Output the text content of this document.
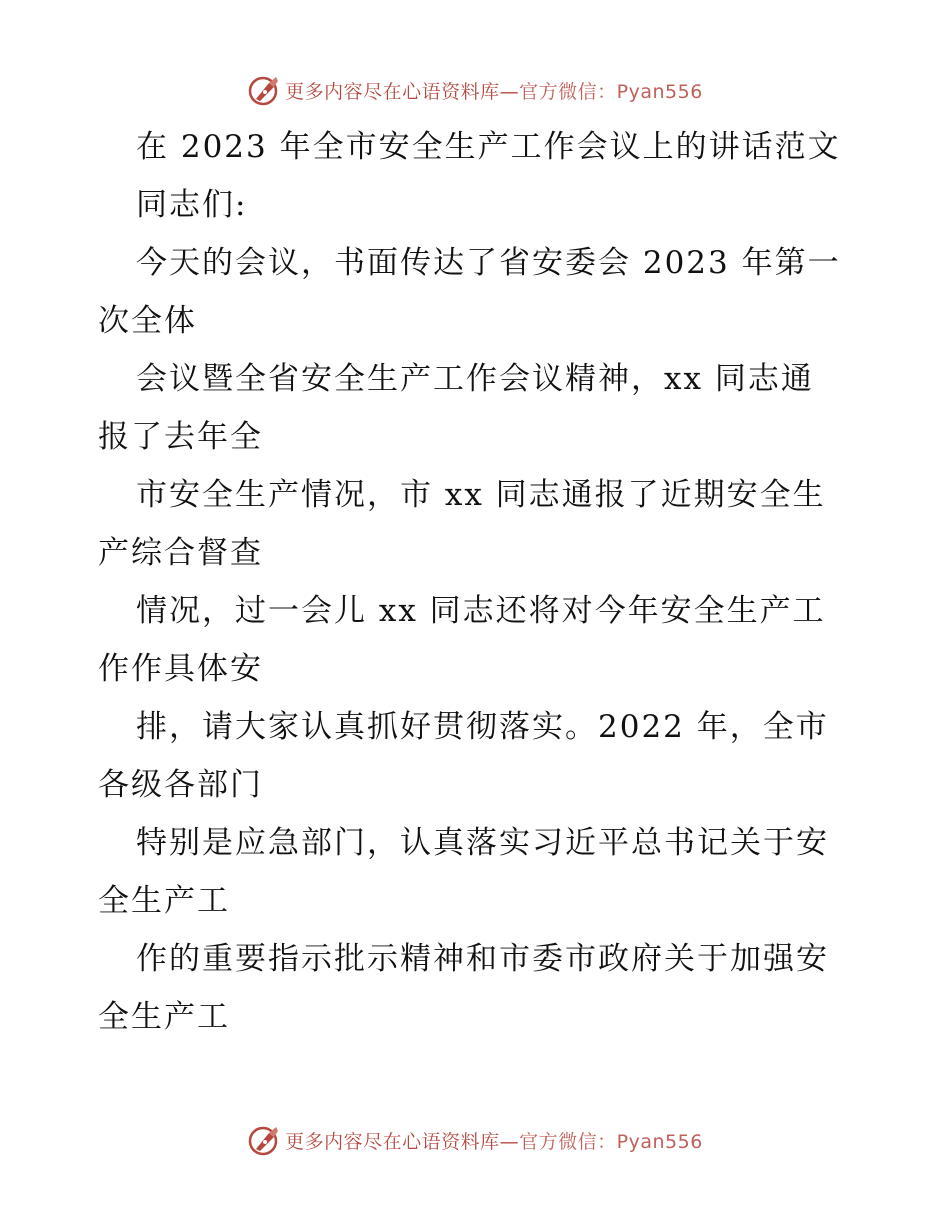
更多内容尽在心语资料库—官方微信：Pyan556
在 2023 年全市安全生产工作会议上的讲话范文
同志们:
今天的会议，书面传达了省安委会 2023 年第一
次全体
会议暨全省安全生产工作会议精神，xx 同志通
报了去年全
市安全生产情况，市 xx 同志通报了近期安全生
产综合督查
情况，过一会儿 xx 同志还将对今年安全生产工
作作具体安
排，请大家认真抓好贯彻落实。2022 年，全市
各级各部门
特别是应急部门，认真落实习近平总书记关于安
全生产工
作的重要指示批示精神和市委市政府关于加强安
全生产工
更多内容尽在心语资料库—官方微信：Pyan556
